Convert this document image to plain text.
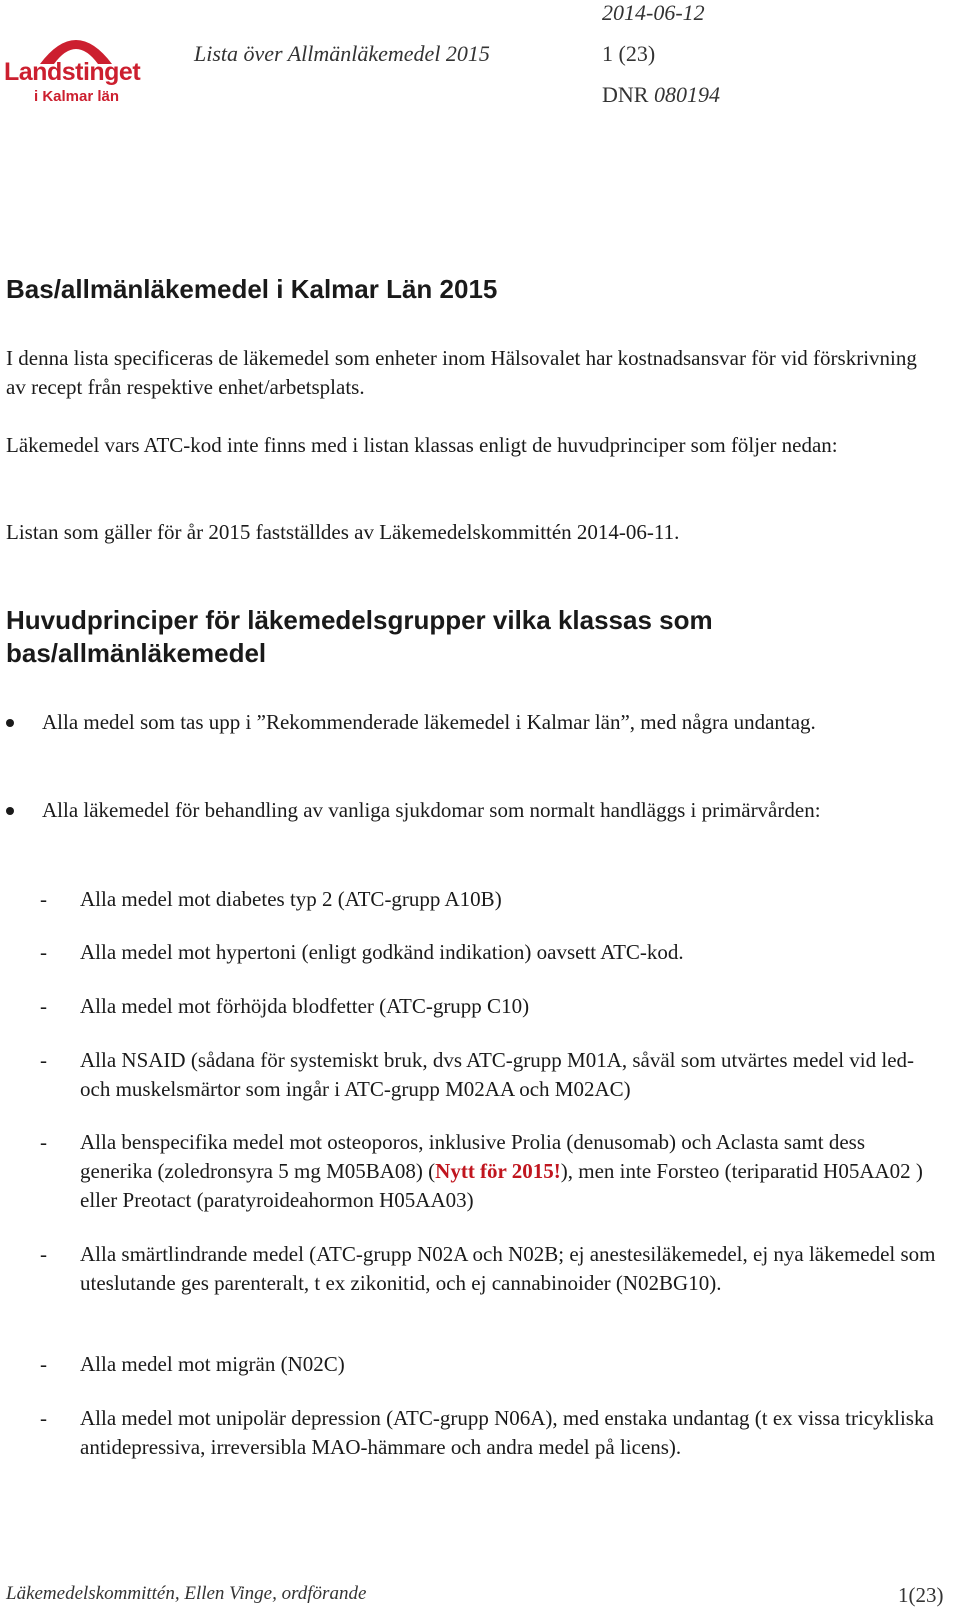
Landstinget
i Kalmar län
2014-06-12
Lista över Allmänläkemedel 2015	1 (23)
DNR 080194
Bas/allmänläkemedel i Kalmar Län 2015
I denna lista specificeras de läkemedel som enheter inom Hälsovalet har kostnadsansvar för vid förskrivning av recept från respektive enhet/arbetsplats.
Läkemedel vars ATC-kod inte finns med i listan klassas enligt de huvudprinciper som följer nedan:
Listan som gäller för år 2015 fastställdes av Läkemedelskommittén 2014-06-11.
Huvudprinciper för läkemedelsgrupper vilka klassas som bas/allmänläkemedel
Alla medel som tas upp i ”Rekommenderade läkemedel i Kalmar län”, med några undantag.
Alla läkemedel för behandling av vanliga sjukdomar som normalt handläggs i primärvården:
- Alla medel mot diabetes typ 2 (ATC-grupp A10B)
- Alla medel mot hypertoni (enligt godkänd indikation) oavsett ATC-kod.
- Alla medel mot förhöjda blodfetter (ATC-grupp C10)
- Alla NSAID (sådana för systemiskt bruk, dvs ATC-grupp M01A, såväl som utvärtes medel vid led- och muskelsmärtor som ingår i ATC-grupp M02AA och M02AC)
- Alla benspecifika medel mot osteoporos, inklusive Prolia (denusomab) och Aclasta samt dess generika (zoledronsyra 5 mg M05BA08) (Nytt för 2015!), men inte Forsteo (teriparatid H05AA02 ) eller Preotact (paratyroideahormon H05AA03)
- Alla smärtlindrande medel (ATC-grupp N02A och N02B; ej anestesiläkemedel, ej nya läkemedel som uteslutande ges parenteralt, t ex zikonitid, och ej cannabinoider (N02BG10).
- Alla medel mot migrän (N02C)
- Alla medel mot unipolär depression (ATC-grupp N06A), med enstaka undantag (t ex vissa tricykliska antidepressiva, irreversibla MAO-hämmare och andra medel på licens).
Läkemedelskommittén, Ellen Vinge, ordförande	1(23)
